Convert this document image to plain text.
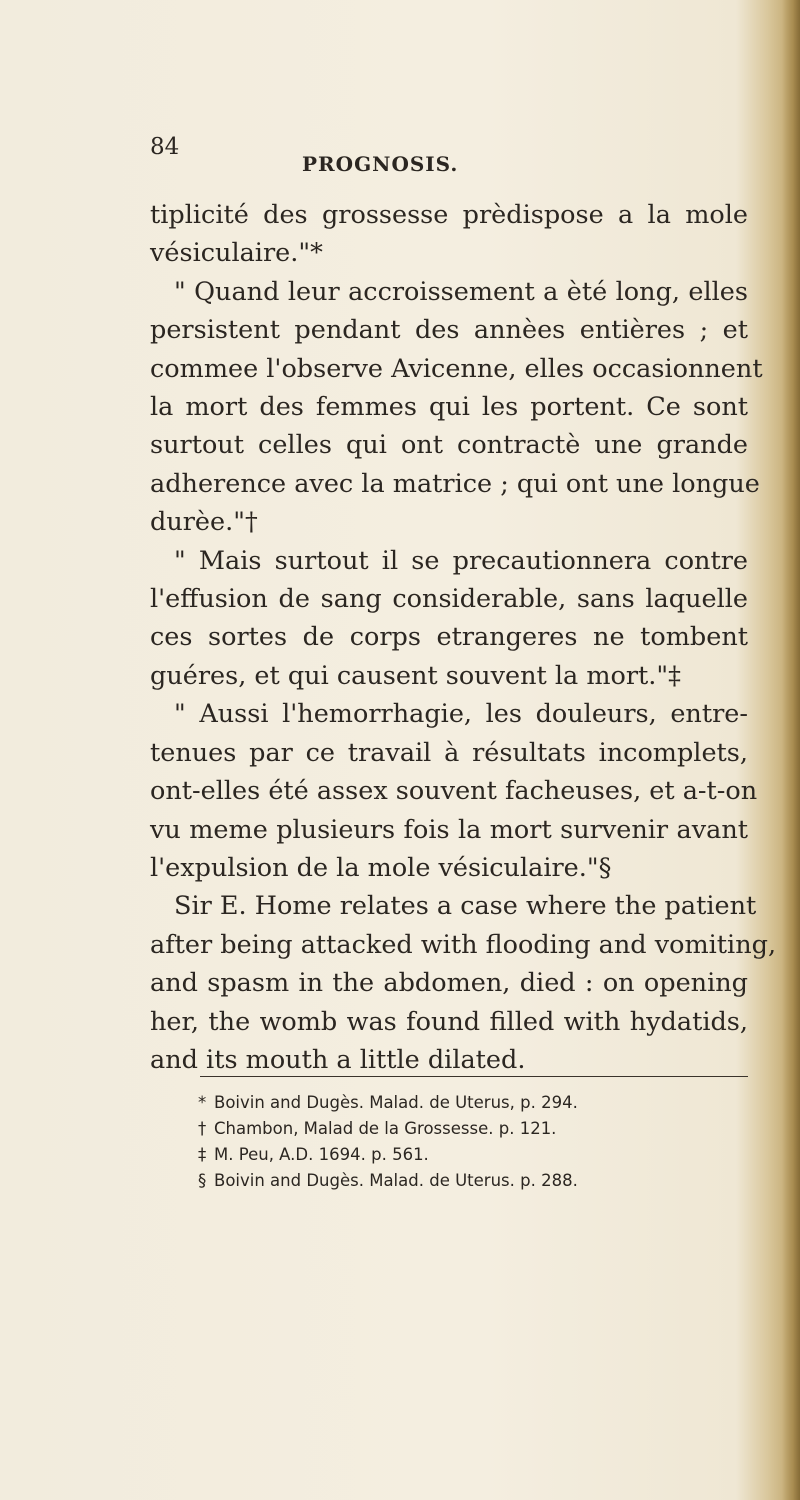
84

PROGNOSIS.

tiplicité des grossesse prèdispose a la mole
vésiculaire."*
" Quand leur accroissement a èté long, elles
persistent pendant des annèes entières ; et
commee l'observe Avicenne, elles occasionnent
la mort des femmes qui les portent. Ce sont
surtout celles qui ont contractè une grande
adherence avec la matrice ; qui ont une longue
durèe."†
" Mais surtout il se precautionnera contre
l'effusion de sang considerable, sans laquelle
ces sortes de corps etrangeres ne tombent
guéres, et qui causent souvent la mort."‡
" Aussi l'hemorrhagie, les douleurs, entre-
tenues par ce travail à résultats incomplets,
ont-elles été assex souvent facheuses, et a-t-on
vu meme plusieurs fois la mort survenir avant
l'expulsion de la mole vésiculaire."§
Sir E. Home relates a case where the patient
after being attacked with flooding and vomiting,
and spasm in the abdomen, died : on opening
her, the womb was found filled with hydatids,
and its mouth a little dilated.
* Boivin and Dugès. Malad. de Uterus, p. 294.
† Chambon, Malad de la Grossesse. p. 121.
‡ M. Peu, A.D. 1694. p. 561.
§ Boivin and Dugès. Malad. de Uterus. p. 288.
